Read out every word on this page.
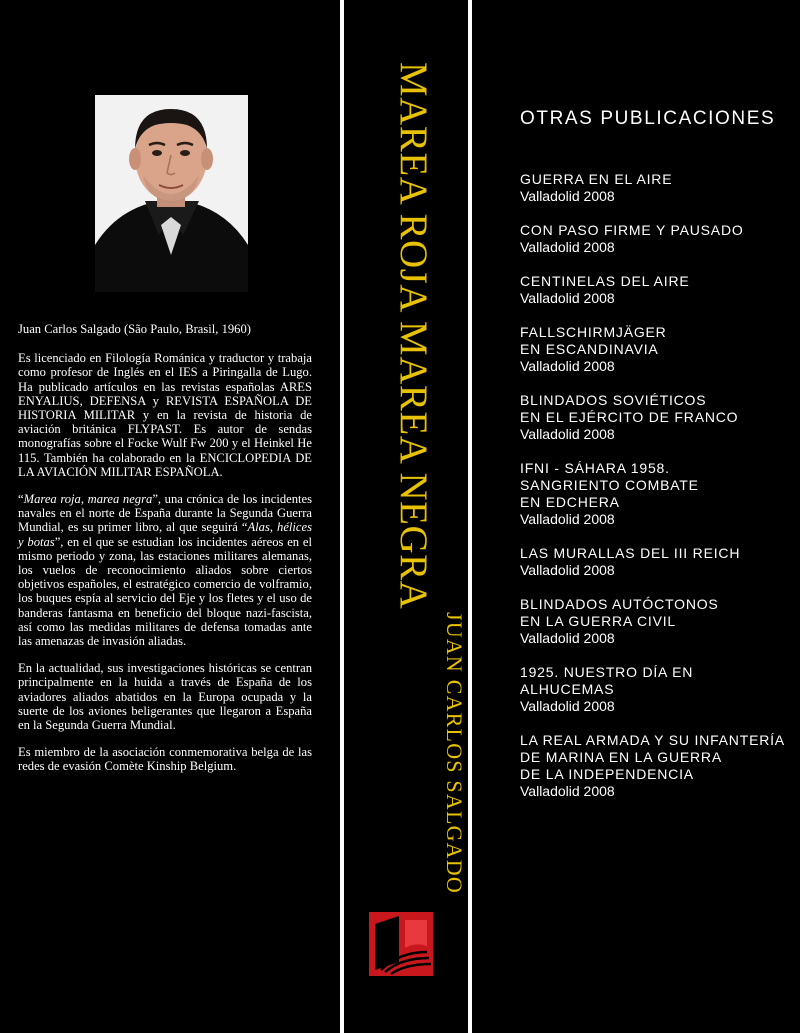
Juan Carlos Salgado (São Paulo, Brasil, 1960)

Es licenciado en Filología Románica y traductor y trabaja como profesor de Inglés en el IES a Piringalla de Lugo. Ha publicado artículos en las revistas españolas ARES ENYALIUS, DEFENSA y REVISTA ESPAÑOLA DE HISTORIA MILITAR y en la revista de historia de aviación británica FLYPAST. Es autor de sendas monografías sobre el Focke Wulf Fw 200 y el Heinkel He 115. También ha colaborado en la ENCICLOPEDIA DE LA AVIACIÓN MILITAR ESPAÑOLA.

“Marea roja, marea negra”, una crónica de los incidentes navales en el norte de España durante la Segunda Guerra Mundial, es su primer libro, al que seguirá “Alas, hélices y botas”, en el que se estudian los incidentes aéreos en el mismo periodo y zona, las estaciones militares alemanas, los vuelos de reconocimiento aliados sobre ciertos objetivos españoles, el estratégico comercio de volframio, los buques espía al servicio del Eje y los fletes y el uso de banderas fantasma en beneficio del bloque nazi-fascista, así como las medidas militares de defensa tomadas ante las amenazas de invasión aliadas.

En la actualidad, sus investigaciones históricas se centran principalmente en la huida a través de España de los aviadores aliados abatidos en la Europa ocupada y la suerte de los aviones beligerantes que llegaron a España en la Segunda Guerra Mundial.

Es miembro de la asociación conmemorativa belga de las redes de evasión Comète Kinship Belgium.

MAREA ROJA MAREA NEGRA
JUAN CARLOS SALGADO
OTRAS PUBLICACIONES
GUERRA EN EL AIRE
Valladolid 2008
CON PASO FIRME Y PAUSADO
Valladolid 2008
CENTINELAS DEL AIRE
Valladolid 2008
FALLSCHIRMJÄGER
EN ESCANDINAVIA
Valladolid 2008
BLINDADOS SOVIÉTICOS
EN EL EJÉRCITO DE FRANCO
Valladolid 2008
IFNI - SÁHARA 1958.
SANGRIENTO COMBATE
EN EDCHERA
Valladolid 2008
LAS MURALLAS DEL III REICH
Valladolid 2008
BLINDADOS AUTÓCTONOS
EN LA GUERRA CIVIL
Valladolid 2008
1925. NUESTRO DÍA EN ALHUCEMAS
Valladolid 2008
LA REAL ARMADA Y SU INFANTERÍA
DE MARINA EN LA GUERRA
DE LA INDEPENDENCIA
Valladolid 2008
